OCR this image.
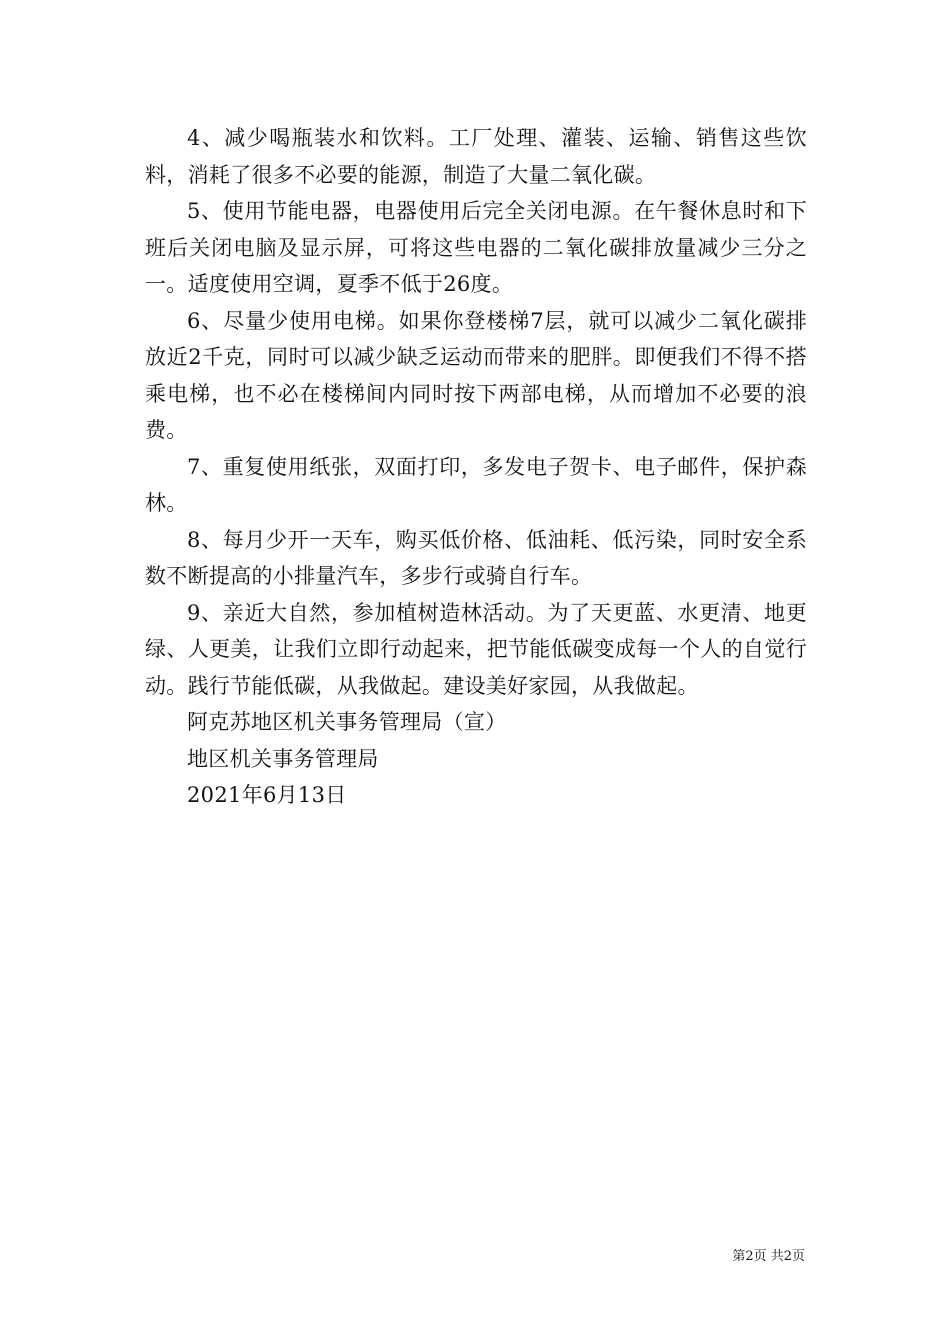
4、减少喝瓶装水和饮料。工厂处理、灌装、运输、销售这些饮料，消耗了很多不必要的能源，制造了大量二氧化碳。

5、使用节能电器，电器使用后完全关闭电源。在午餐休息时和下班后关闭电脑及显示屏，可将这些电器的二氧化碳排放量减少三分之一。适度使用空调，夏季不低于26度。

6、尽量少使用电梯。如果你登楼梯7层，就可以减少二氧化碳排放近2千克，同时可以减少缺乏运动而带来的肥胖。即便我们不得不搭乘电梯，也不必在楼梯间内同时按下两部电梯，从而增加不必要的浪费。

7、重复使用纸张，双面打印，多发电子贺卡、电子邮件，保护森林。

8、每月少开一天车，购买低价格、低油耗、低污染，同时安全系数不断提高的小排量汽车，多步行或骑自行车。

9、亲近大自然，参加植树造林活动。为了天更蓝、水更清、地更绿、人更美，让我们立即行动起来，把节能低碳变成每一个人的自觉行动。践行节能低碳，从我做起。建设美好家园，从我做起。

阿克苏地区机关事务管理局（宣）

地区机关事务管理局

2021年6月13日

第2页 共2页
